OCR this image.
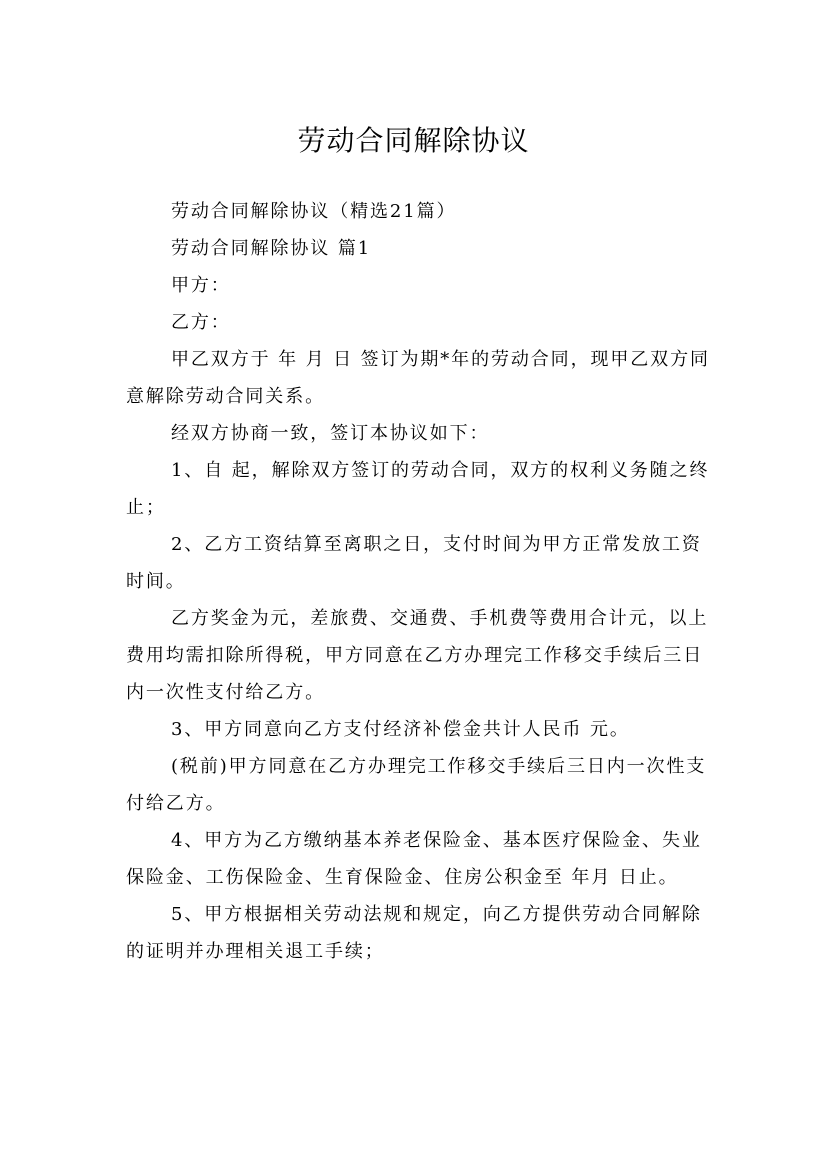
劳动合同解除协议

劳动合同解除协议（精选21篇）

劳动合同解除协议 篇1

甲方：

乙方：

甲乙双方于 年 月 日 签订为期*年的劳动合同，现甲乙双方同意解除劳动合同关系。

经双方协商一致，签订本协议如下：

1、自 起，解除双方签订的劳动合同，双方的权利义务随之终止；

2、乙方工资结算至离职之日，支付时间为甲方正常发放工资时间。

乙方奖金为元，差旅费、交通费、手机费等费用合计元，以上费用均需扣除所得税，甲方同意在乙方办理完工作移交手续后三日内一次性支付给乙方。

3、甲方同意向乙方支付经济补偿金共计人民币 元。

(税前)甲方同意在乙方办理完工作移交手续后三日内一次性支付给乙方。

4、甲方为乙方缴纳基本养老保险金、基本医疗保险金、失业保险金、工伤保险金、生育保险金、住房公积金至 年月 日止。

5、甲方根据相关劳动法规和规定，向乙方提供劳动合同解除的证明并办理相关退工手续；
